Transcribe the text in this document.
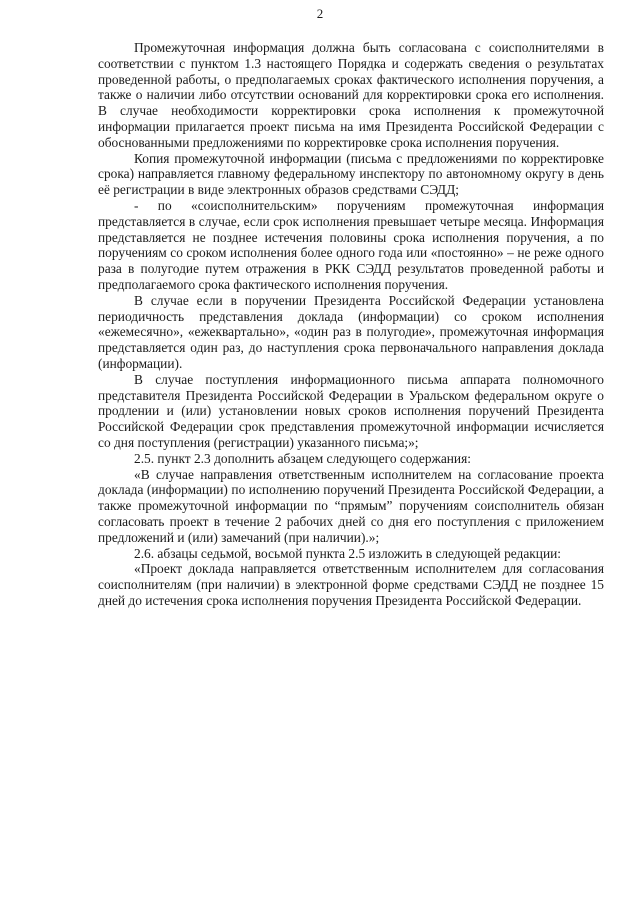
2

Промежуточная информация должна быть согласована с соисполнителями в соответствии с пунктом 1.3 настоящего Порядка и содержать сведения о результатах проведенной работы, о предполагаемых сроках фактического исполнения поручения, а также о наличии либо отсутствии оснований для корректировки срока его исполнения. В случае необходимости корректировки срока исполнения к промежуточной информации прилагается проект письма на имя Президента Российской Федерации с обоснованными предложениями по корректировке срока исполнения поручения.

Копия промежуточной информации (письма с предложениями по корректировке срока) направляется главному федеральному инспектору по автономному округу в день её регистрации в виде электронных образов средствами СЭДД;

- по «соисполнительским» поручениям промежуточная информация представляется в случае, если срок исполнения превышает четыре месяца. Информация представляется не позднее истечения половины срока исполнения поручения, а по поручениям со сроком исполнения более одного года или «постоянно» – не реже одного раза в полугодие путем отражения в РКК СЭДД результатов проведенной работы и предполагаемого срока фактического исполнения поручения.

В случае если в поручении Президента Российской Федерации установлена периодичность представления доклада (информации) со сроком исполнения «ежемесячно», «ежеквартально», «один раз в полугодие», промежуточная информация представляется один раз, до наступления срока первоначального направления доклада (информации).

В случае поступления информационного письма аппарата полномочного представителя Президента Российской Федерации в Уральском федеральном округе о продлении и (или) установлении новых сроков исполнения поручений Президента Российской Федерации срок представления промежуточной информации исчисляется со дня поступления (регистрации) указанного письма;»;

2.5. пункт 2.3 дополнить абзацем следующего содержания:

«В случае направления ответственным исполнителем на согласование проекта доклада (информации) по исполнению поручений Президента Российской Федерации, а также промежуточной информации по “прямым” поручениям соисполнитель обязан согласовать проект в течение 2 рабочих дней со дня его поступления с приложением предложений и (или) замечаний (при наличии).»;

2.6. абзацы седьмой, восьмой пункта 2.5 изложить в следующей редакции:

«Проект доклада направляется ответственным исполнителем для согласования соисполнителям (при наличии) в электронной форме средствами СЭДД не позднее 15 дней до истечения срока исполнения поручения Президента Российской Федерации.
